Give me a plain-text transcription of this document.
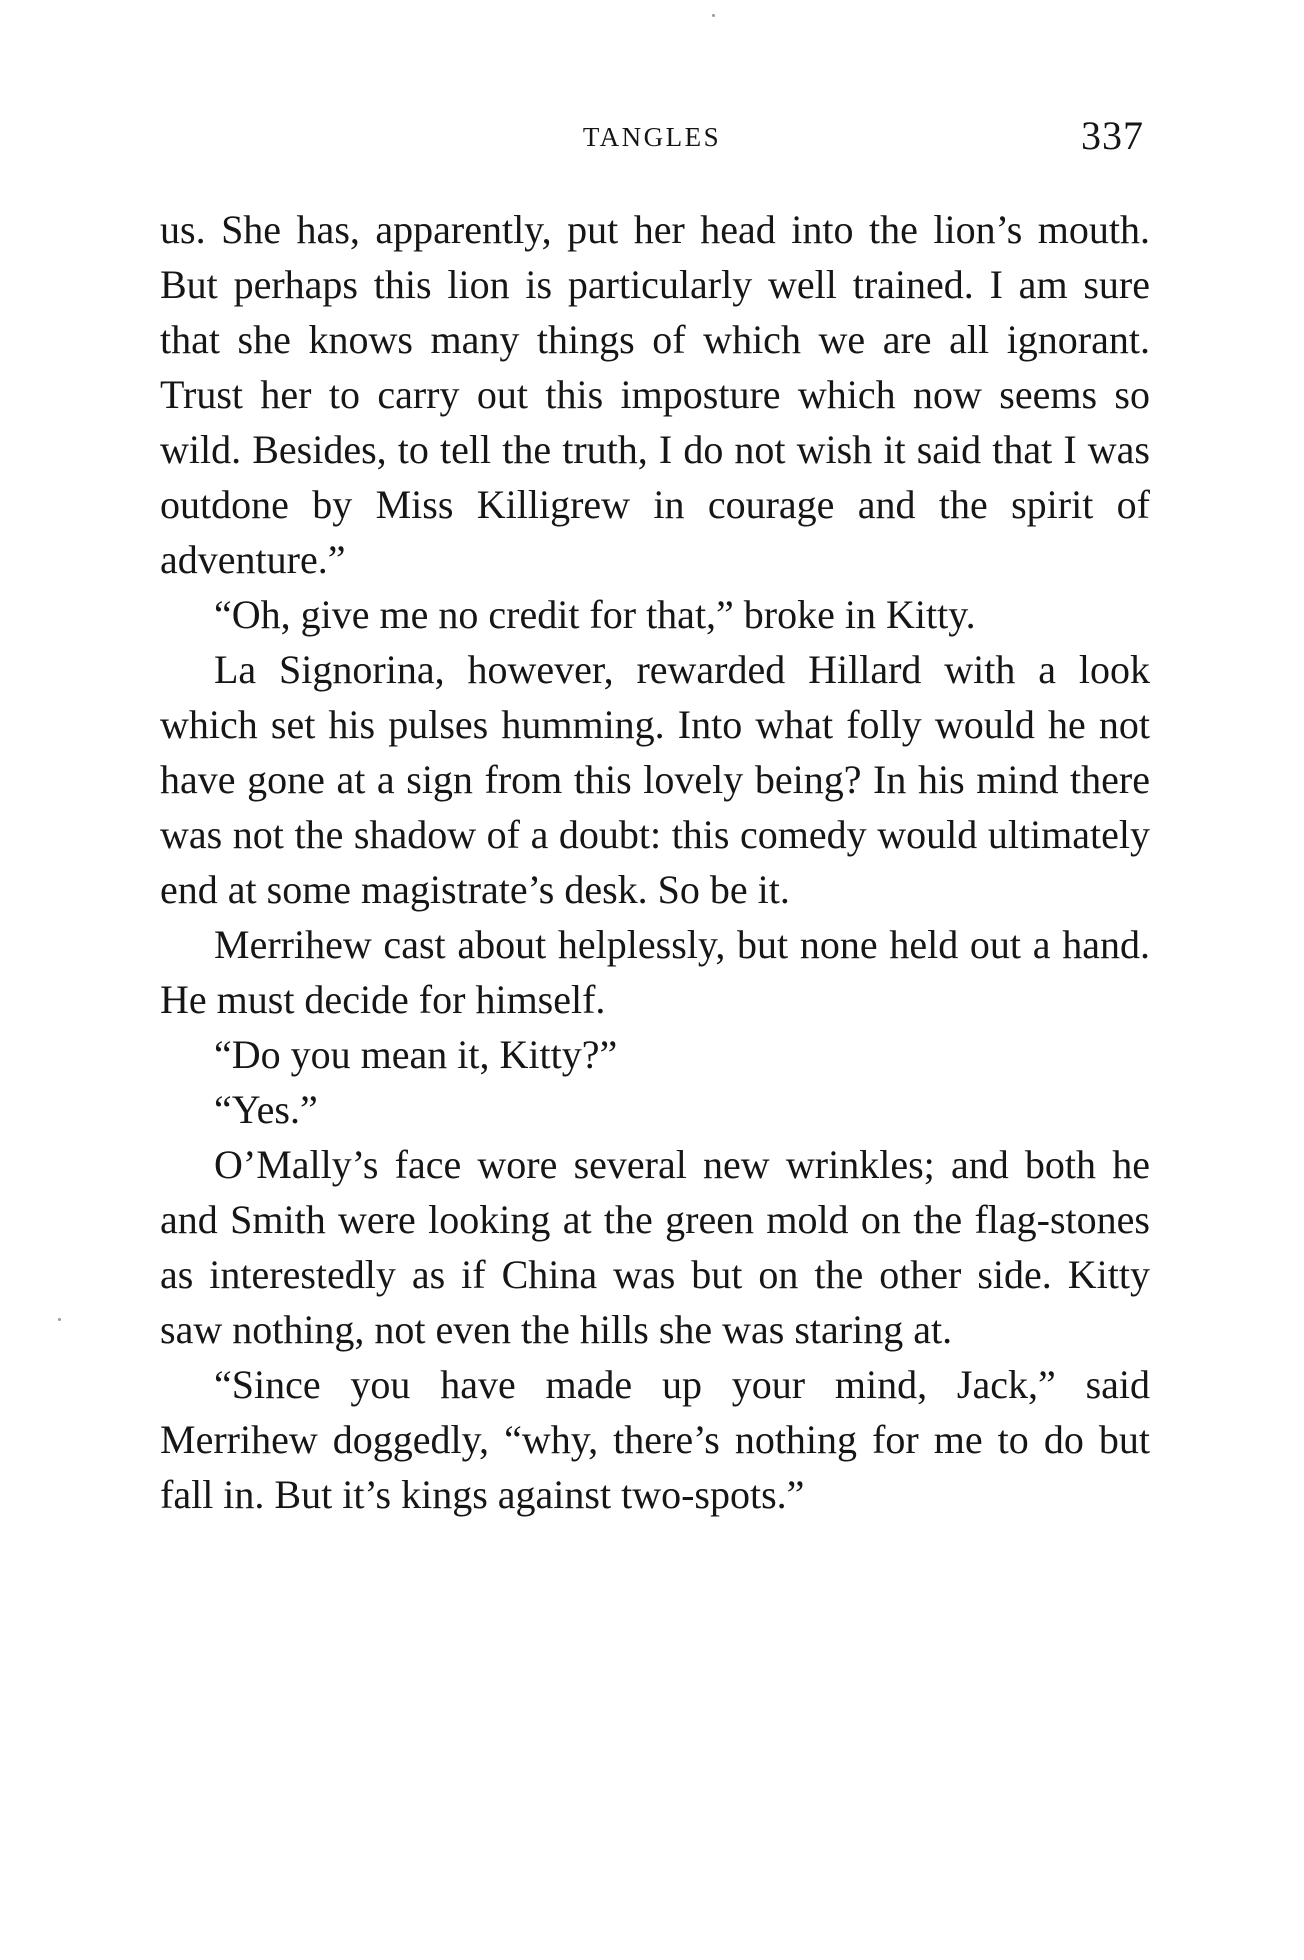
TANGLES	337

us. She has, apparently, put her head into the lion’s mouth. But perhaps this lion is particularly well trained. I am sure that she knows many things of which we are all ignorant. Trust her to carry out this imposture which now seems so wild. Besides, to tell the truth, I do not wish it said that I was outdone by Miss Killigrew in courage and the spirit of adventure.”

“Oh, give me no credit for that,” broke in Kitty.

La Signorina, however, rewarded Hillard with a look which set his pulses humming. Into what folly would he not have gone at a sign from this lovely being? In his mind there was not the shadow of a doubt: this comedy would ultimately end at some magistrate’s desk. So be it.

Merrihew cast about helplessly, but none held out a hand. He must decide for himself.

“Do you mean it, Kitty?”

“Yes.”

O’Mally’s face wore several new wrinkles; and both he and Smith were looking at the green mold on the flag-stones as interestedly as if China was but on the other side. Kitty saw nothing, not even the hills she was staring at.

“Since you have made up your mind, Jack,” said Merrihew doggedly, “why, there’s nothing for me to do but fall in. But it’s kings against two-spots.”
